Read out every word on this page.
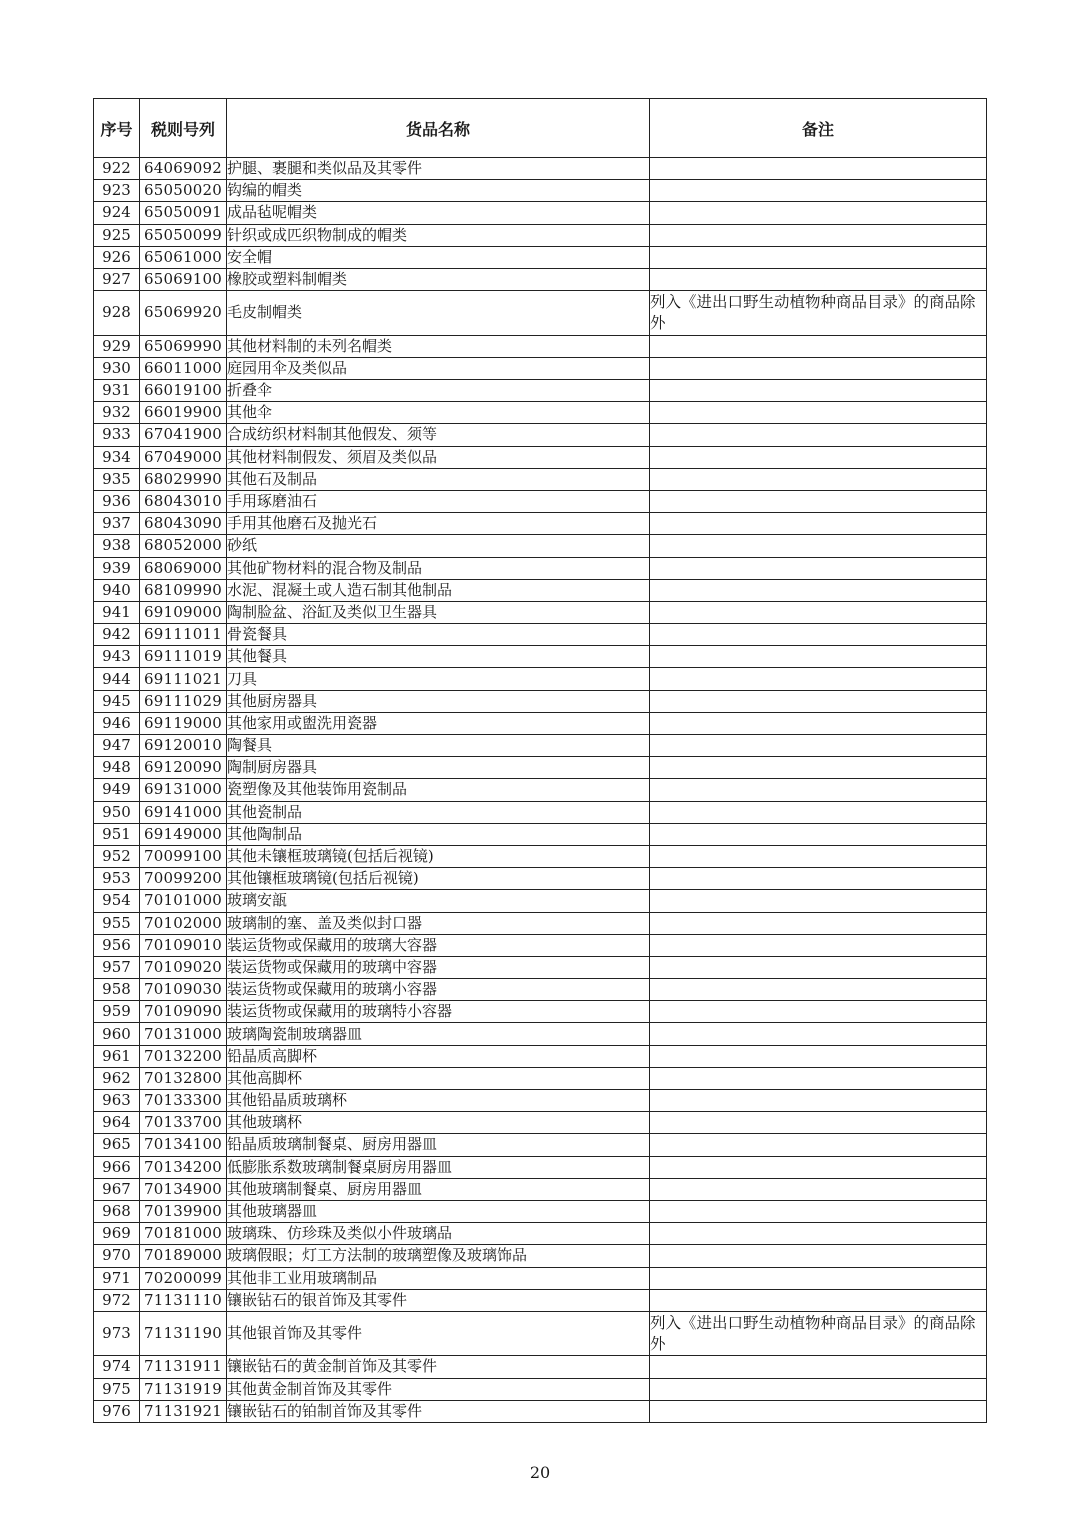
序号	税则号列	货品名称	备注
922	64069092	护腿、裹腿和类似品及其零件	
923	65050020	钩编的帽类	
924	65050091	成品毡呢帽类	
925	65050099	针织或成匹织物制成的帽类	
926	65061000	安全帽	
927	65069100	橡胶或塑料制帽类	
928	65069920	毛皮制帽类	列入《进出口野生动植物种商品目录》的商品除外
929	65069990	其他材料制的未列名帽类	
930	66011000	庭园用伞及类似品	
931	66019100	折叠伞	
932	66019900	其他伞	
933	67041900	合成纺织材料制其他假发、须等	
934	67049000	其他材料制假发、须眉及类似品	
935	68029990	其他石及制品	
936	68043010	手用琢磨油石	
937	68043090	手用其他磨石及抛光石	
938	68052000	砂纸	
939	68069000	其他矿物材料的混合物及制品	
940	68109990	水泥、混凝土或人造石制其他制品	
941	69109000	陶制脸盆、浴缸及类似卫生器具	
942	69111011	骨瓷餐具	
943	69111019	其他餐具	
944	69111021	刀具	
945	69111029	其他厨房器具	
946	69119000	其他家用或盥洗用瓷器	
947	69120010	陶餐具	
948	69120090	陶制厨房器具	
949	69131000	瓷塑像及其他装饰用瓷制品	
950	69141000	其他瓷制品	
951	69149000	其他陶制品	
952	70099100	其他未镶框玻璃镜(包括后视镜)	
953	70099200	其他镶框玻璃镜(包括后视镜)	
954	70101000	玻璃安瓿	
955	70102000	玻璃制的塞、盖及类似封口器	
956	70109010	装运货物或保藏用的玻璃大容器	
957	70109020	装运货物或保藏用的玻璃中容器	
958	70109030	装运货物或保藏用的玻璃小容器	
959	70109090	装运货物或保藏用的玻璃特小容器	
960	70131000	玻璃陶瓷制玻璃器皿	
961	70132200	铅晶质高脚杯	
962	70132800	其他高脚杯	
963	70133300	其他铅晶质玻璃杯	
964	70133700	其他玻璃杯	
965	70134100	铅晶质玻璃制餐桌、厨房用器皿	
966	70134200	低膨胀系数玻璃制餐桌厨房用器皿	
967	70134900	其他玻璃制餐桌、厨房用器皿	
968	70139900	其他玻璃器皿	
969	70181000	玻璃珠、仿珍珠及类似小件玻璃品	
970	70189000	玻璃假眼；灯工方法制的玻璃塑像及玻璃饰品	
971	70200099	其他非工业用玻璃制品	
972	71131110	镶嵌钻石的银首饰及其零件	
973	71131190	其他银首饰及其零件	列入《进出口野生动植物种商品目录》的商品除外
974	71131911	镶嵌钻石的黄金制首饰及其零件	
975	71131919	其他黄金制首饰及其零件	
976	71131921	镶嵌钻石的铂制首饰及其零件	
20
